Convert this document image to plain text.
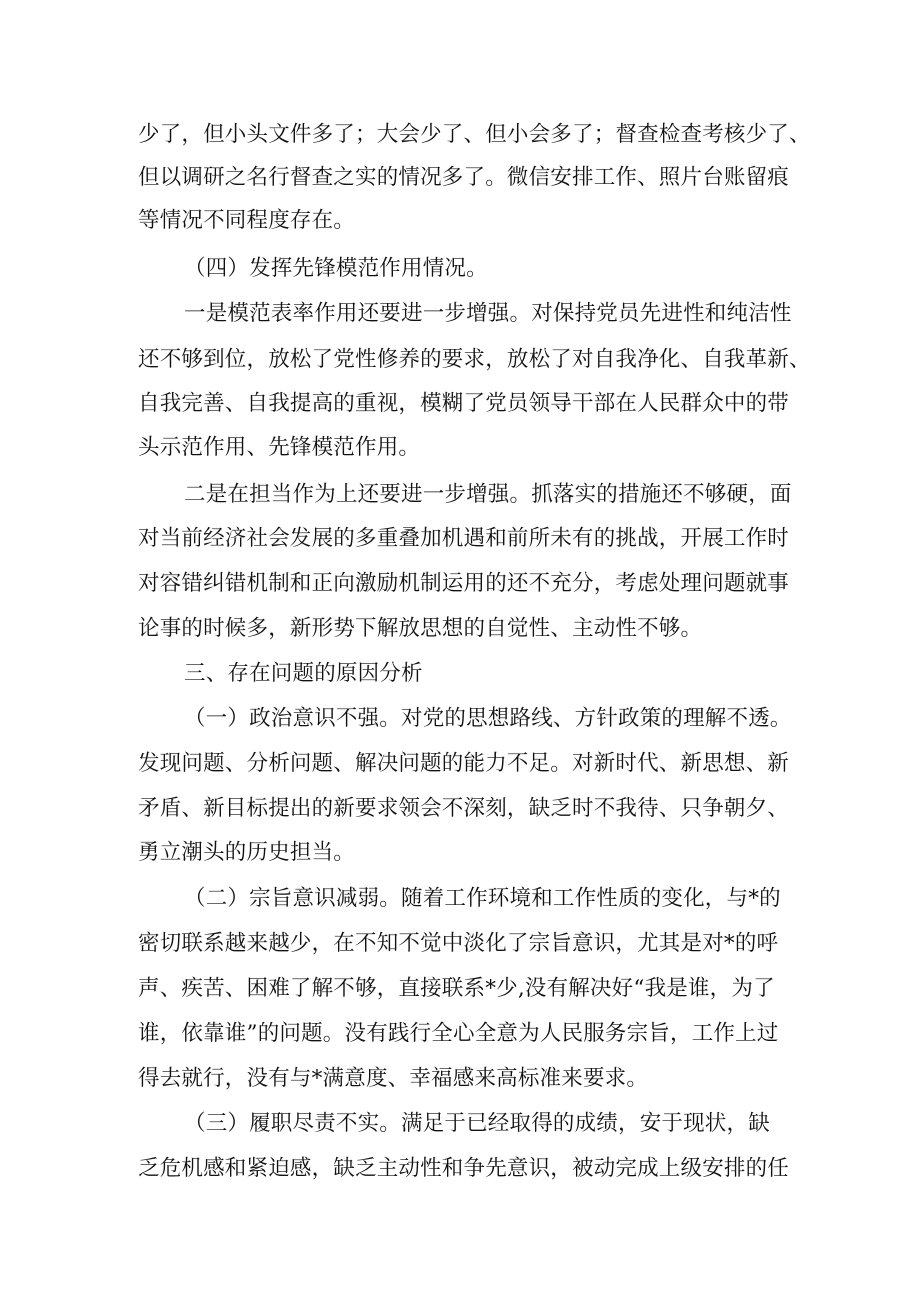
少了，但小头文件多了；大会少了、但小会多了；督查检查考核少了、
但以调研之名行督查之实的情况多了。微信安排工作、照片台账留痕
等情况不同程度存在。
（四）发挥先锋模范作用情况。
一是模范表率作用还要进一步增强。对保持党员先进性和纯洁性
还不够到位，放松了党性修养的要求，放松了对自我净化、自我革新、
自我完善、自我提高的重视，模糊了党员领导干部在人民群众中的带
头示范作用、先锋模范作用。
二是在担当作为上还要进一步增强。抓落实的措施还不够硬，面
对当前经济社会发展的多重叠加机遇和前所未有的挑战，开展工作时
对容错纠错机制和正向激励机制运用的还不充分，考虑处理问题就事
论事的时候多，新形势下解放思想的自觉性、主动性不够。
三、存在问题的原因分析
（一）政治意识不强。对党的思想路线、方针政策的理解不透。
发现问题、分析问题、解决问题的能力不足。对新时代、新思想、新
矛盾、新目标提出的新要求领会不深刻，缺乏时不我待、只争朝夕、
勇立潮头的历史担当。
（二）宗旨意识减弱。随着工作环境和工作性质的变化，与*的
密切联系越来越少，在不知不觉中淡化了宗旨意识，尤其是对*的呼
声、疾苦、困难了解不够，直接联系*少,没有解决好“我是谁，为了
谁，依靠谁”的问题。没有践行全心全意为人民服务宗旨，工作上过
得去就行，没有与*满意度、幸福感来高标准来要求。
（三）履职尽责不实。满足于已经取得的成绩，安于现状，缺
乏危机感和紧迫感，缺乏主动性和争先意识，被动完成上级安排的任
